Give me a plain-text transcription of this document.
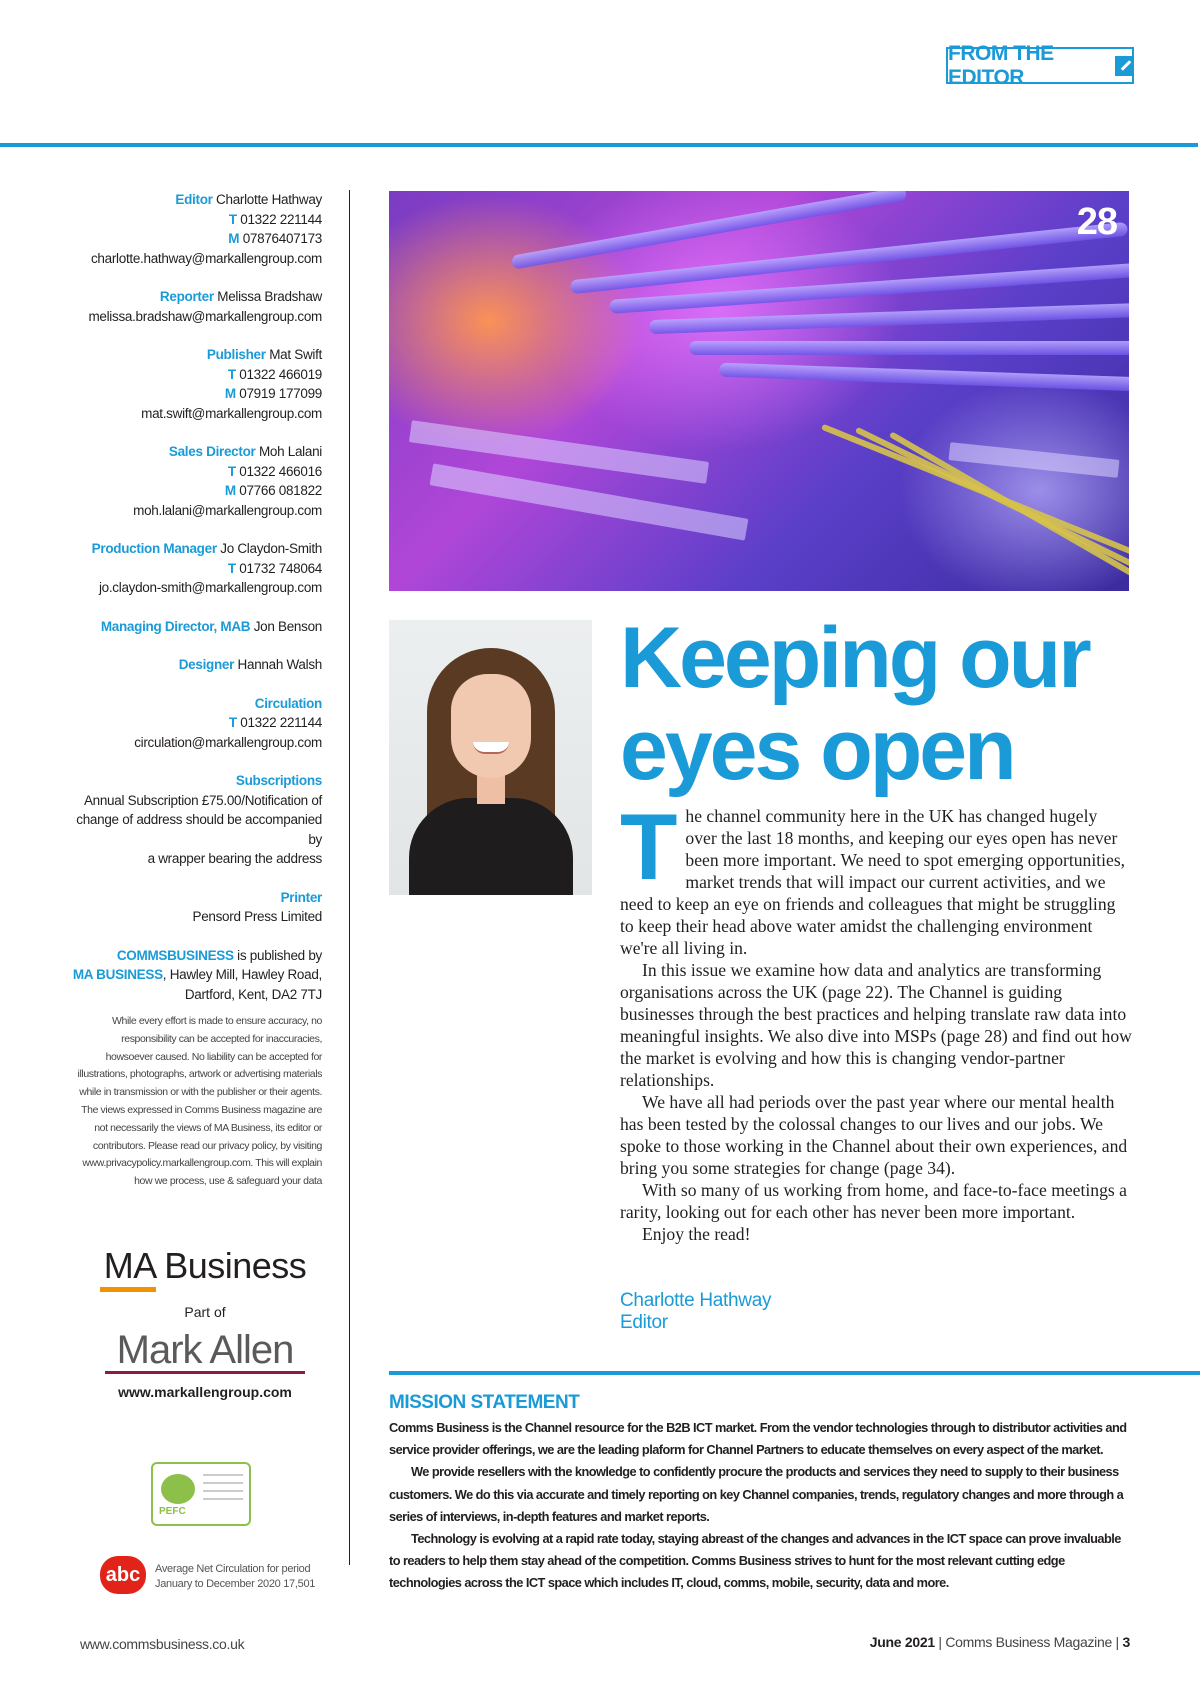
FROM THE EDITOR
Editor Charlotte Hathway
T 01322 221144
M 07876407173
charlotte.hathway@markallengroup.com
Reporter Melissa Bradshaw
melissa.bradshaw@markallengroup.com
Publisher Mat Swift
T 01322 466019
M 07919 177099
mat.swift@markallengroup.com
Sales Director Moh Lalani
T 01322 466016
M 07766 081822
moh.lalani@markallengroup.com
Production Manager Jo Claydon-Smith
T 01732 748064
jo.claydon-smith@markallengroup.com
Managing Director, MAB Jon Benson
Designer Hannah Walsh
Circulation
T 01322 221144
circulation@markallengroup.com
Subscriptions
Annual Subscription £75.00/Notification of
change of address should be accompanied by
a wrapper bearing the address
Printer
Pensord Press Limited
COMMSBUSINESS is published by
MA BUSINESS, Hawley Mill, Hawley Road,
Dartford, Kent, DA2 7TJ
While every effort is made to ensure accuracy, no
responsibility can be accepted for inaccuracies,
howsoever caused. No liability can be accepted for
illustrations, photographs, artwork or advertising materials
while in transmission or with the publisher or their agents.
The views expressed in Comms Business magazine are
not necessarily the views of MA Business, its editor or
contributors. Please read our privacy policy, by visiting
www.privacypolicy.markallengroup.com. This will explain
how we process, use & safeguard your data
MA Business
Part of
Mark Allen
www.markallengroup.com
PEFC
abc Average Net Circulation for period January to December 2020 17,501
28
Keeping our
eyes open

The channel community here in the UK has changed hugely over the last 18 months, and keeping our eyes open has never been more important. We need to spot emerging opportunities, market trends that will impact our current activities, and we need to keep an eye on friends and colleagues that might be struggling to keep their head above water amidst the challenging environment we're all living in.

In this issue we examine how data and analytics are transforming organisations across the UK (page 22). The Channel is guiding businesses through the best practices and helping translate raw data into meaningful insights. We also dive into MSPs (page 28) and find out how the market is evolving and how this is changing vendor-partner relationships.

We have all had periods over the past year where our mental health has been tested by the colossal changes to our lives and our jobs. We spoke to those working in the Channel about their own experiences, and bring you some strategies for change (page 34).

With so many of us working from home, and face-to-face meetings a rarity, looking out for each other has never been more important.

Enjoy the read!

Charlotte Hathway
Editor
MISSION STATEMENT

Comms Business is the Channel resource for the B2B ICT market. From the vendor technologies through to distributor activities and service provider offerings, we are the leading plaform for Channel Partners to educate themselves on every aspect of the market.

We provide resellers with the knowledge to confidently procure the products and services they need to supply to their business customers. We do this via accurate and timely reporting on key Channel companies, trends, regulatory changes and more through a series of interviews, in-depth features and market reports.

Technology is evolving at a rapid rate today, staying abreast of the changes and advances in the ICT space can prove invaluable to readers to help them stay ahead of the competition. Comms Business strives to hunt for the most relevant cutting edge technologies across the ICT space which includes IT, cloud, comms, mobile, security, data and more.

www.commsbusiness.co.uk	June 2021 | Comms Business Magazine | 3
